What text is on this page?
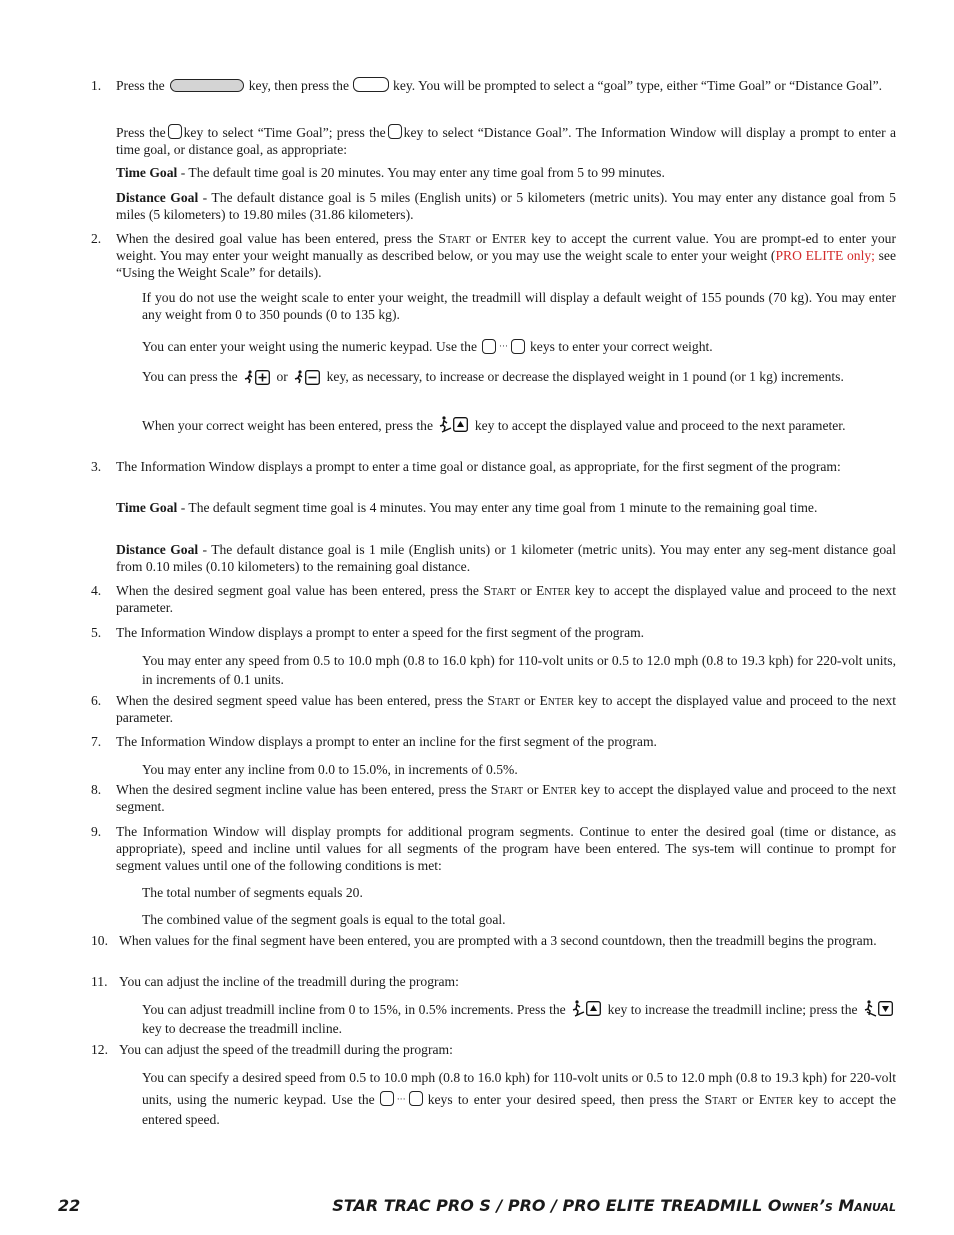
1. Press the	key, then press the	key. You will be prompted to select a “goal” type, either “Time Goal” or “Distance Goal”.

Press the key to select “Time Goal”; press the key to select “Distance Goal”. The Information Window will display a prompt to enter a time goal, or distance goal, as appropriate:

Time Goal - The default time goal is 20 minutes. You may enter any time goal from 5 to 99 minutes.

Distance Goal - The default distance goal is 5 miles (English units) or 5 kilometers (metric units). You may enter any distance goal from 5 miles (5 kilometers) to 19.80 miles (31.86 kilometers).

2. When the desired goal value has been entered, press the Start or Enter key to accept the current value. You are prompt-ed to enter your weight. You may enter your weight manually as described below, or you may use the weight scale to enter your weight (PRO ELITE only; see “Using the Weight Scale” for details).

If you do not use the weight scale to enter your weight, the treadmill will display a default weight of 155 pounds (70 kg). You may enter any weight from 0 to 350 pounds (0 to 135 kg).

You can enter your weight using the numeric keypad. Use the ··· keys to enter your correct weight.

You can press the	or	key, as necessary, to increase or decrease the displayed weight in 1 pound (or 1 kg) increments.

When your correct weight has been entered, press the	key to accept the displayed value and proceed to the next parameter.

3. The Information Window displays a prompt to enter a time goal or distance goal, as appropriate, for the first segment of the program:

Time Goal - The default segment time goal is 4 minutes. You may enter any time goal from 1 minute to the remaining goal time.

Distance Goal - The default distance goal is 1 mile (English units) or 1 kilometer (metric units). You may enter any seg-ment distance goal from 0.10 miles (0.10 kilometers) to the remaining goal distance.

4. When the desired segment goal value has been entered, press the Start or Enter key to accept the displayed value and proceed to the next parameter.

5. The Information Window displays a prompt to enter a speed for the first segment of the program.

You may enter any speed from 0.5 to 10.0 mph (0.8 to 16.0 kph) for 110-volt units or 0.5 to 12.0 mph (0.8 to 19.3 kph) for 220-volt units, in increments of 0.1 units.

6. When the desired segment speed value has been entered, press the Start or Enter key to accept the displayed value and proceed to the next parameter.

7. The Information Window displays a prompt to enter an incline for the first segment of the program.

You may enter any incline from 0.0 to 15.0%, in increments of 0.5%.

8. When the desired segment incline value has been entered, press the Start or Enter key to accept the displayed value and proceed to the next segment.

9. The Information Window will display prompts for additional program segments. Continue to enter the desired goal (time or distance, as appropriate), speed and incline until values for all segments of the program have been entered. The sys-tem will continue to prompt for segment values until one of the following conditions is met:

The total number of segments equals 20.

The combined value of the segment goals is equal to the total goal.

10. When values for the final segment have been entered, you are prompted with a 3 second countdown, then the treadmill begins the program.

11. You can adjust the incline of the treadmill during the program:

You can adjust treadmill incline from 0 to 15%, in 0.5% increments. Press the	key to increase the treadmill incline; press the
key to decrease the treadmill incline.

12. You can adjust the speed of the treadmill during the program:

You can specify a desired speed from 0.5 to 10.0 mph (0.8 to 16.0 kph) for 110-volt units or 0.5 to 12.0 mph (0.8 to 19.3 kph) for 220-volt units, using the numeric keypad. Use the ··· keys to enter your desired speed, then press the Start or Enter key to accept the entered speed.

22	STAR TRAC PRO S / PRO / PRO ELITE TREADMILL Owner’s Manual
